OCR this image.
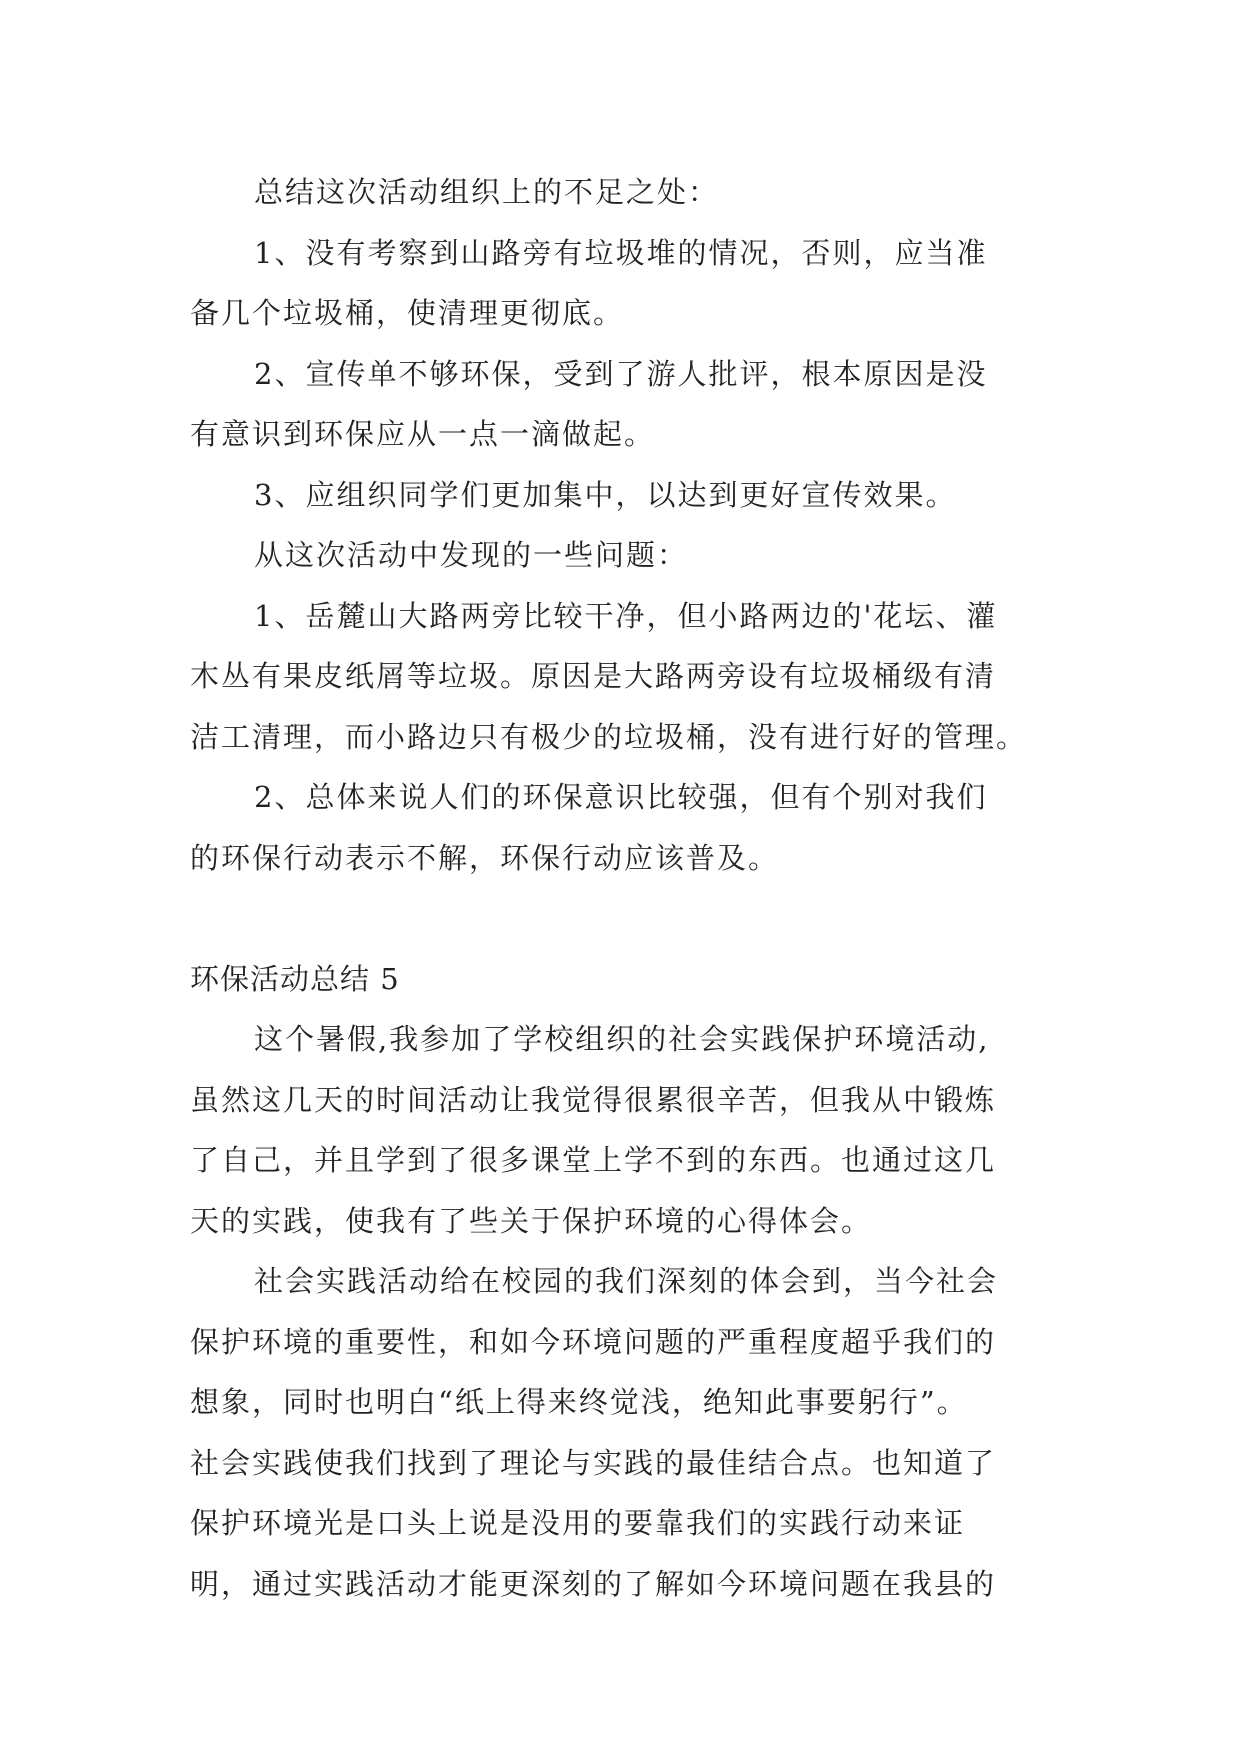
总结这次活动组织上的不足之处：
1、没有考察到山路旁有垃圾堆的情况，否则，应当准
备几个垃圾桶，使清理更彻底。
2、宣传单不够环保，受到了游人批评，根本原因是没
有意识到环保应从一点一滴做起。
3、应组织同学们更加集中，以达到更好宣传效果。
从这次活动中发现的一些问题：
1、岳麓山大路两旁比较干净，但小路两边的'花坛、灌
木丛有果皮纸屑等垃圾。原因是大路两旁设有垃圾桶级有清
洁工清理，而小路边只有极少的垃圾桶，没有进行好的管理。
2、总体来说人们的环保意识比较强，但有个别对我们
的环保行动表示不解，环保行动应该普及。
环保活动总结 5
这个暑假,我参加了学校组织的社会实践保护环境活动,
虽然这几天的时间活动让我觉得很累很辛苦，但我从中锻炼
了自己，并且学到了很多课堂上学不到的东西。也通过这几
天的实践，使我有了些关于保护环境的心得体会。
社会实践活动给在校园的我们深刻的体会到，当今社会
保护环境的重要性，和如今环境问题的严重程度超乎我们的
想象，同时也明白“纸上得来终觉浅，绝知此事要躬行”。
社会实践使我们找到了理论与实践的最佳结合点。也知道了
保护环境光是口头上说是没用的要靠我们的实践行动来证
明，通过实践活动才能更深刻的了解如今环境问题在我县的
